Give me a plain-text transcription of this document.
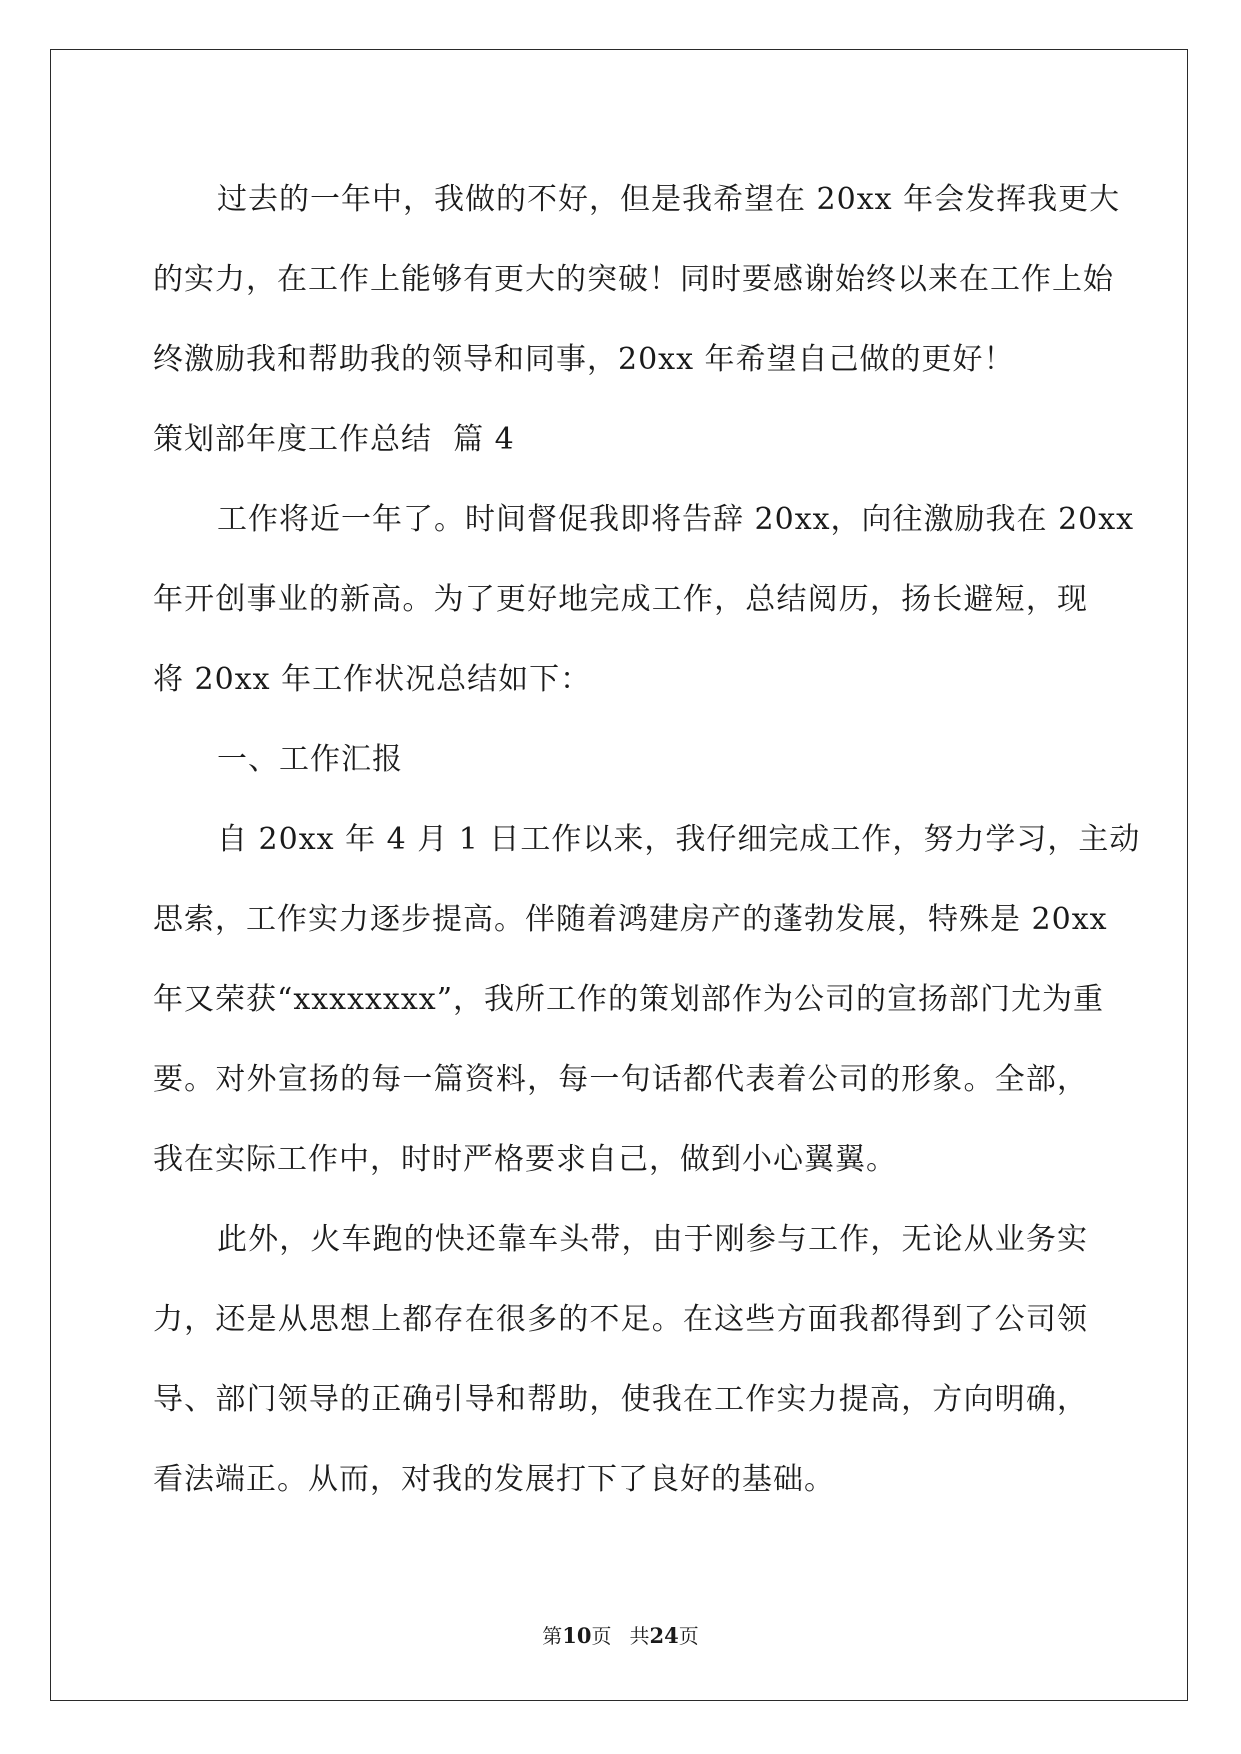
过去的一年中，我做的不好，但是我希望在 20xx 年会发挥我更大
的实力，在工作上能够有更大的突破！同时要感谢始终以来在工作上始
终激励我和帮助我的领导和同事，20xx 年希望自己做的更好！
策划部年度工作总结  篇 4
工作将近一年了。时间督促我即将告辞 20xx，向往激励我在 20xx
年开创事业的新高。为了更好地完成工作，总结阅历，扬长避短，现
将 20xx 年工作状况总结如下：
一、工作汇报
自 20xx 年 4 月 1 日工作以来，我仔细完成工作，努力学习，主动
思索，工作实力逐步提高。伴随着鸿建房产的蓬勃发展，特殊是 20xx
年又荣获“xxxxxxxx”，我所工作的策划部作为公司的宣扬部门尤为重
要。对外宣扬的每一篇资料，每一句话都代表着公司的形象。全部，
我在实际工作中，时时严格要求自己，做到小心翼翼。
此外，火车跑的快还靠车头带，由于刚参与工作，无论从业务实
力，还是从思想上都存在很多的不足。在这些方面我都得到了公司领
导、部门领导的正确引导和帮助，使我在工作实力提高，方向明确，
看法端正。从而，对我的发展打下了良好的基础。
第10页 共24页
